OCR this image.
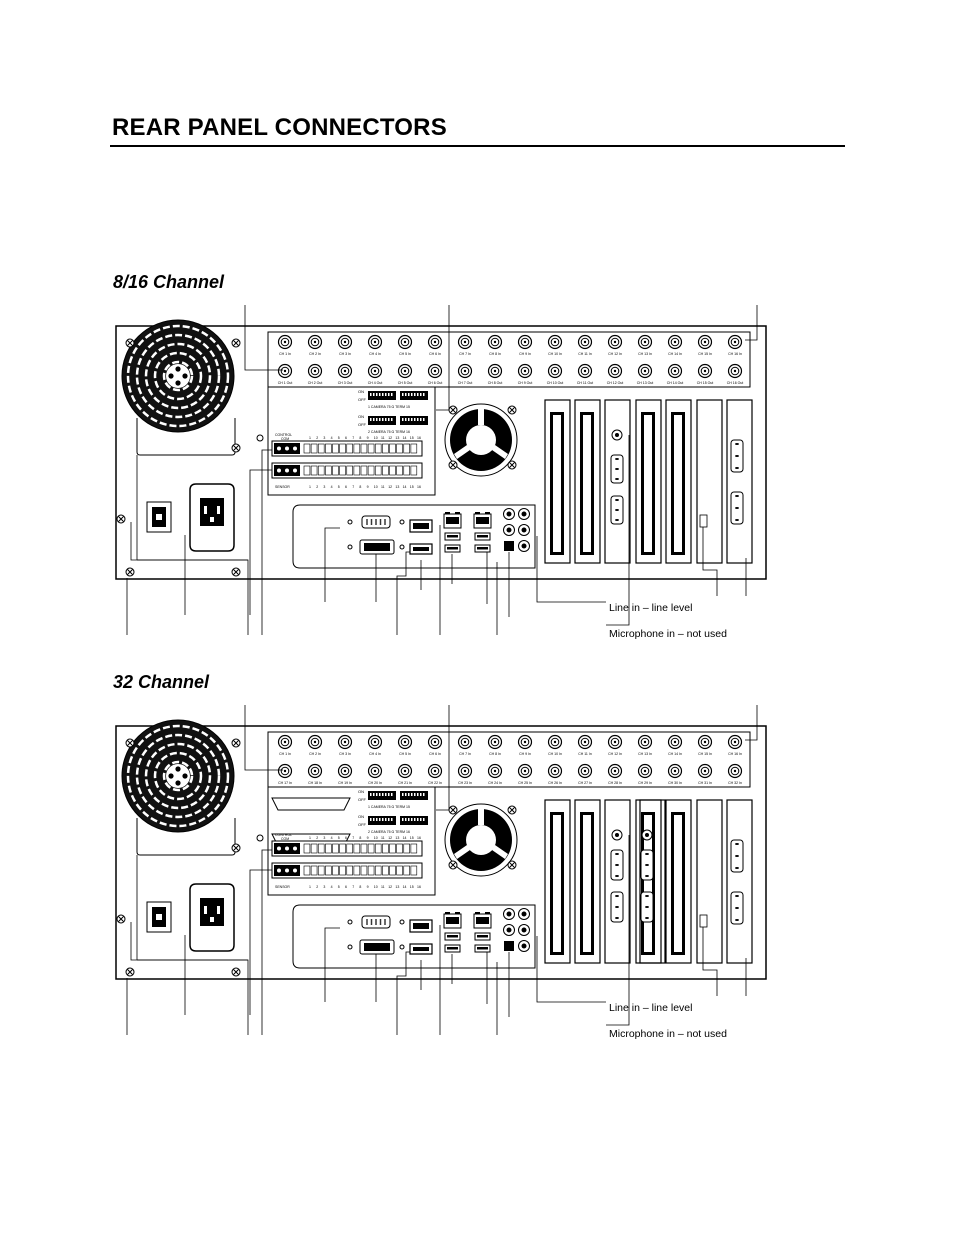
REAR PANEL CONNECTORS
8/16 Channel
CH 1 In
CH 1 Out
CH 2 In
CH 2 Out
CH 3 In
CH 3 Out
CH 4 In
CH 4 Out
CH 5 In
CH 5 Out
CH 6 In
CH 6 Out
CH 7 In
CH 7 Out
CH 8 In
CH 8 Out
CH 9 In
CH 9 Out
CH 10 In
CH 10 Out
CH 11 In
CH 11 Out
CH 12 In
CH 12 Out
CH 13 In
CH 13 Out
CH 14 In
CH 14 Out
CH 15 In
CH 15 Out
CH 16 In
CH 16 Out
ON
OFF
1 CAMERA 75 Ω TERM 15
ON
OFF
2 CAMERA 75 Ω TERM 16
CONTROL
COM	1 2 3 4 5 6 7 8 9 10 11 12 13 14 15 16
1 2 3 4 5 6 7 8 9 10 11 12 13 14 15 16
SENSOR
Line in – line level
Microphone in – not used
32 Channel
CH 1 In
CH 17 In
CH 2 In
CH 18 In
CH 3 In
CH 19 In
CH 4 In
CH 20 In
CH 5 In
CH 21 In
CH 6 In
CH 22 In
CH 7 In
CH 23 In
CH 8 In
CH 24 In
CH 9 In
CH 25 In
CH 10 In
CH 26 In
CH 11 In
CH 27 In
CH 12 In
CH 28 In
CH 13 In
CH 29 In
CH 14 In
CH 30 In
CH 15 In
CH 31 In
CH 16 In
CH 32 In
ON
OFF
1 CAMERA 75 Ω TERM 15
ON
OFF
2 CAMERA 75 Ω TERM 16
CONTROL
COM	1 2 3 4 5 6 7 8 9 10 11 12 13 14 15 16
1 2 3 4 5 6 7 8 9 10 11 12 13 14 15 16
SENSOR
Line in – line level
Microphone in – not used
